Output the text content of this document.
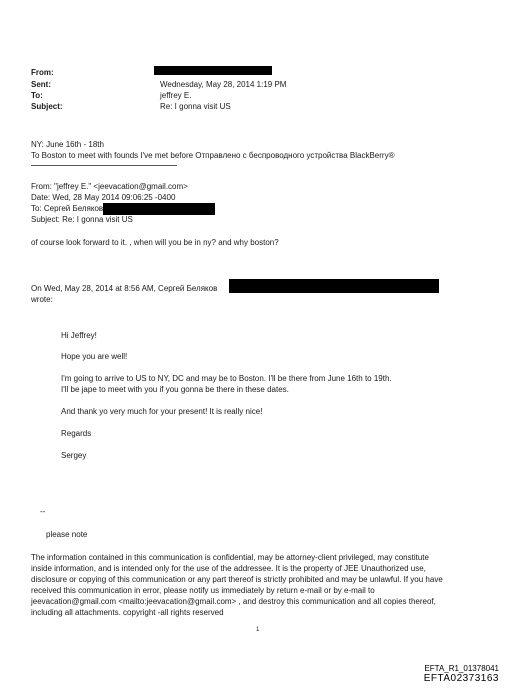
From:
Sent:	Wednesday, May 28, 2014 1:19 PM
To:	jeffrey E.
Subject:	Re: I gonna visit US
NY: June 16th - 18th
To Boston to meet with founds I've met before Отправлено с беспроводного устройства BlackBerry®
From: "jeffrey E." <jeevacation@gmail.com>
Date: Wed, 28 May 2014 09:06:25 -0400
To: Сергей Беляков
Subject: Re: I gonna visit US
of course look forward to it. , when will you be in ny? and why boston?
On Wed, May 28, 2014 at 8:56 AM, Сергей Беляков
wrote:
Hi Jeffrey!
Hope you are well!
I'm going to arrive to US to NY, DC and may be to Boston. I'll be there from June 16th to 19th.
I'll be jape to meet with you if you gonna be there in these dates.
And thank yo very much for your present! It is really nice!
Regards
Sergey
--
please note
The information contained in this communication is confidential, may be attorney-client privileged, may constitute
inside information, and is intended only for the use of the addressee. It is the property of JEE Unauthorized use,
disclosure or copying of this communication or any part thereof is strictly prohibited and may be unlawful. If you have
received this communication in error, please notify us immediately by return e-mail or by e-mail to
jeevacation@gmail.com <mailto:jeevacation@gmail.com> , and destroy this communication and all copies thereof,
including all attachments. copyright -all rights reserved
1
EFTA_R1_01378041
EFTA02373163
